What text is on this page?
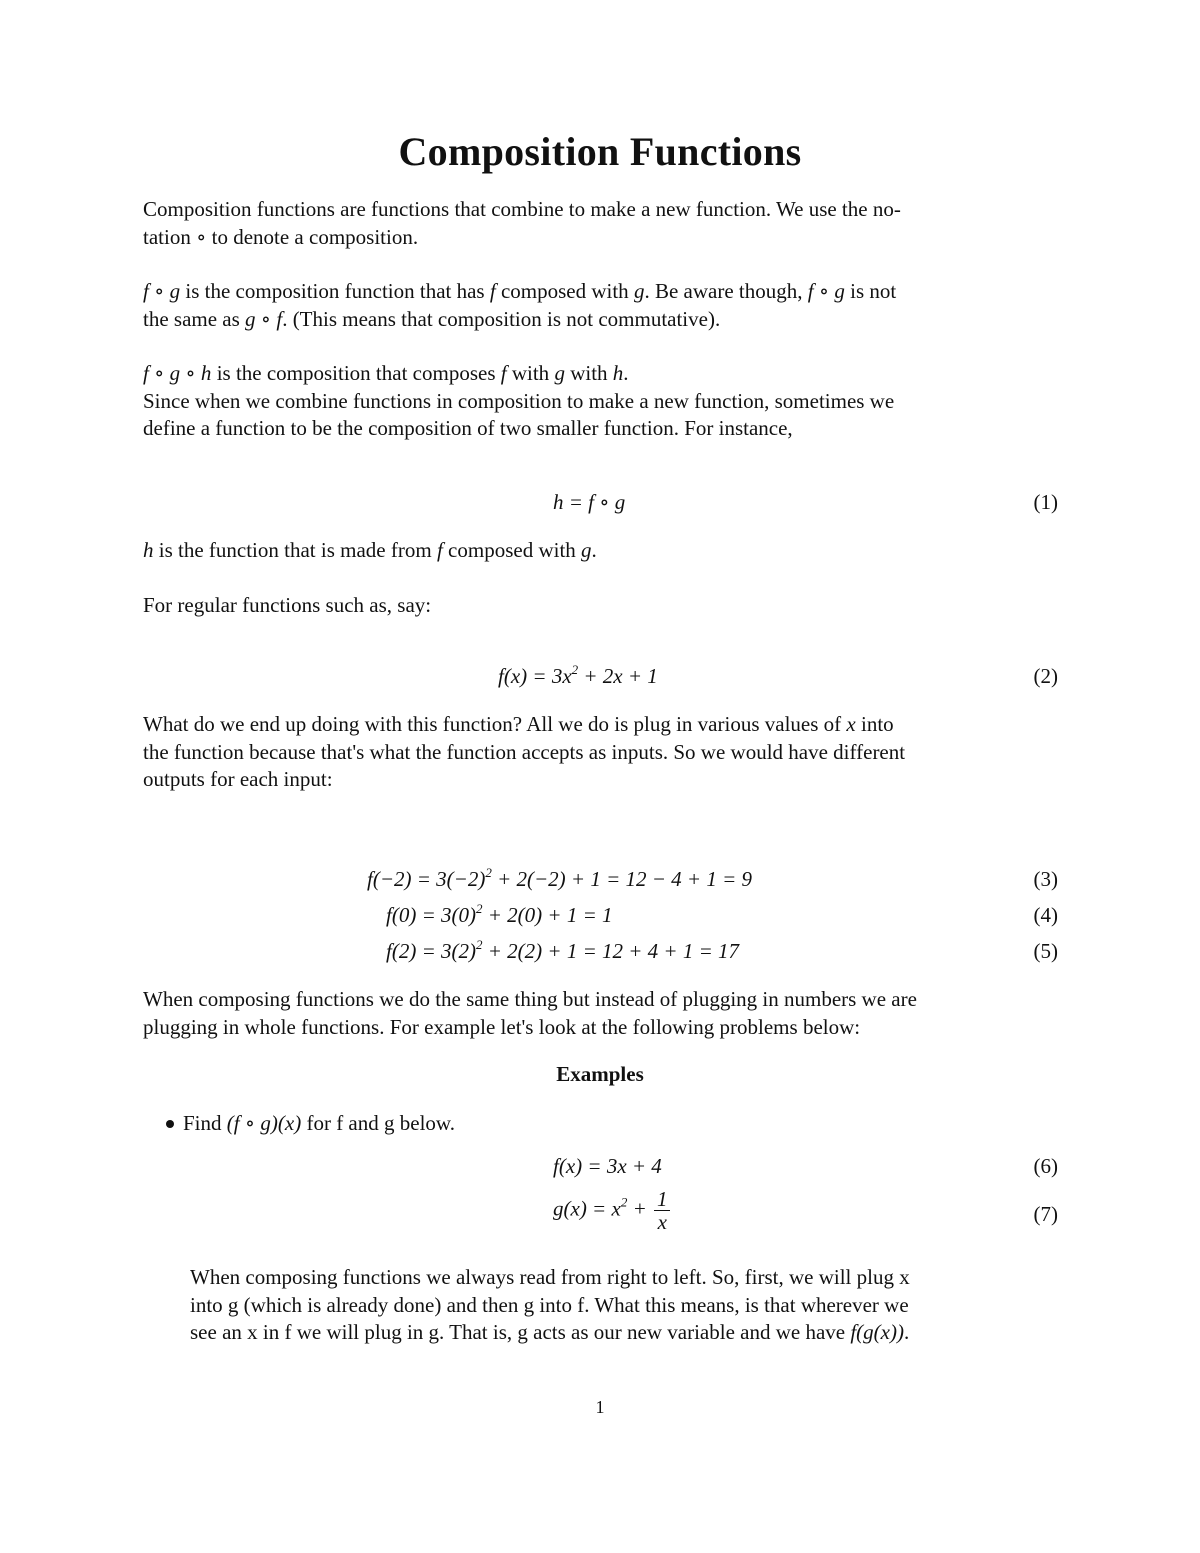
Composition Functions
Composition functions are functions that combine to make a new function. We use the no-
tation ∘ to denote a composition.
f ∘ g is the composition function that has f composed with g. Be aware though, f ∘ g is not
the same as g ∘ f. (This means that composition is not commutative).
f ∘ g ∘ h is the composition that composes f with g with h.
Since when we combine functions in composition to make a new function, sometimes we
define a function to be the composition of two smaller function. For instance,
h = f ∘ g	(1)
h is the function that is made from f composed with g.
For regular functions such as, say:
$f(x) = 3x^2 + 2x + 1$	(2)
What do we end up doing with this function? All we do is plug in various values of x into
the function because that's what the function accepts as inputs. So we would have different
outputs for each input:
$f(-2) = 3(-2)^2 + 2(-2) + 1 = 12 - 4 + 1 = 9$	(3)
$f(0) = 3(0)^2 + 2(0) + 1 = 1$	(4)
$f(2) = 3(2)^2 + 2(2) + 1 = 12 + 4 + 1 = 17$	(5)
When composing functions we do the same thing but instead of plugging in numbers we are
plugging in whole functions. For example let's look at the following problems below:
Examples
Find (f ∘ g)(x) for f and g below.
f(x) = 3x + 4	(6)
$g(x) = x^2 + \frac{1}{x}$	(7)
When composing functions we always read from right to left. So, first, we will plug x
into g (which is already done) and then g into f. What this means, is that wherever we
see an x in f we will plug in g. That is, g acts as our new variable and we have f(g(x)).
1
